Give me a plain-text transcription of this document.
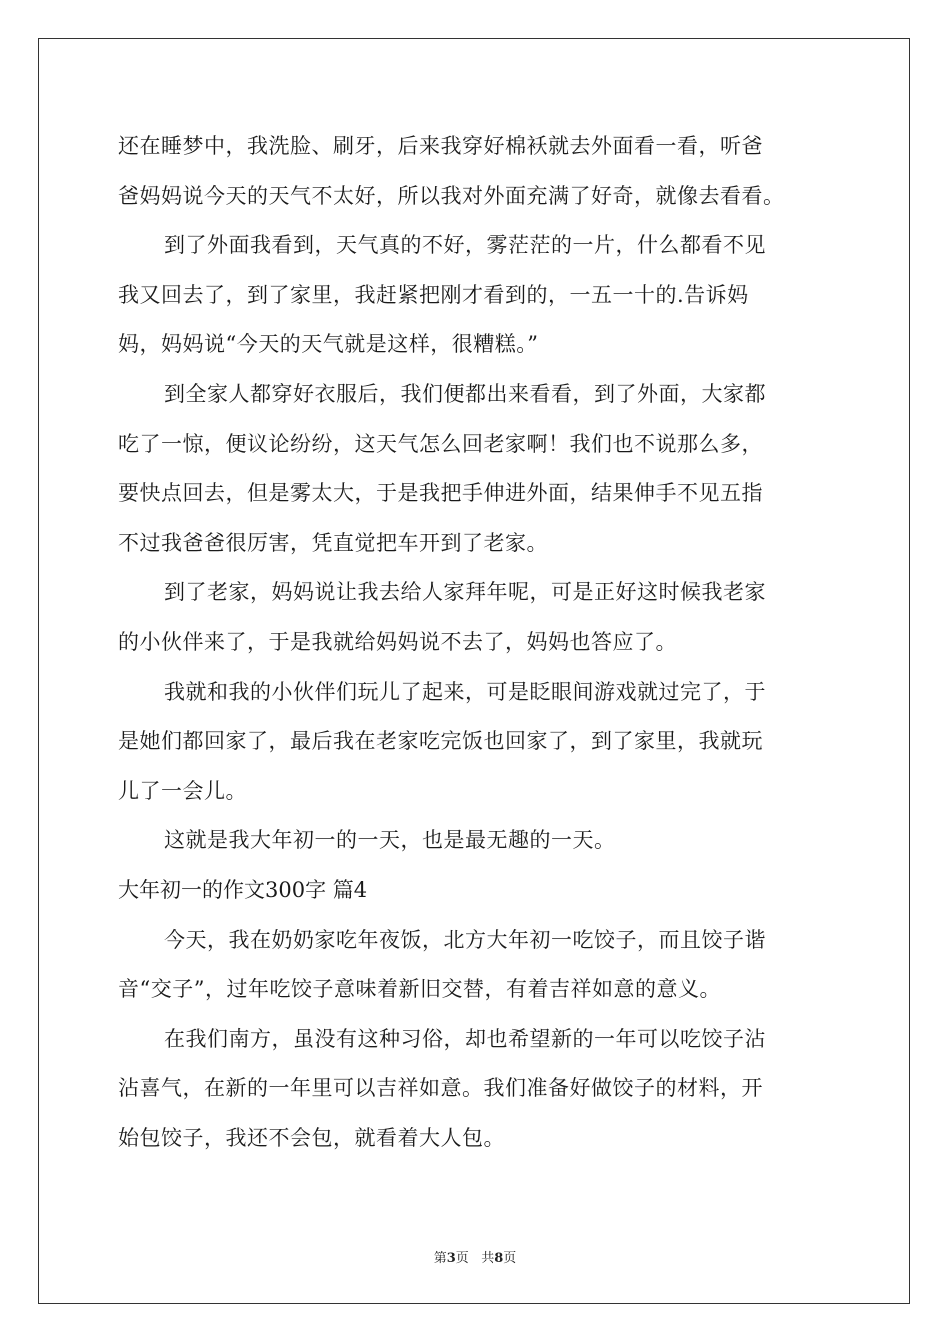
还在睡梦中，我洗脸、刷牙，后来我穿好棉袄就去外面看一看，听爸
爸妈妈说今天的天气不太好，所以我对外面充满了好奇，就像去看看。
到了外面我看到，天气真的不好，雾茫茫的一片，什么都看不见
我又回去了，到了家里，我赶紧把刚才看到的，一五一十的.告诉妈
妈，妈妈说“今天的天气就是这样，很糟糕。”
到全家人都穿好衣服后，我们便都出来看看，到了外面，大家都
吃了一惊，便议论纷纷，这天气怎么回老家啊！我们也不说那么多，
要快点回去，但是雾太大，于是我把手伸进外面，结果伸手不见五指
不过我爸爸很厉害，凭直觉把车开到了老家。
到了老家，妈妈说让我去给人家拜年呢，可是正好这时候我老家
的小伙伴来了，于是我就给妈妈说不去了，妈妈也答应了。
我就和我的小伙伴们玩儿了起来，可是眨眼间游戏就过完了，于
是她们都回家了，最后我在老家吃完饭也回家了，到了家里，我就玩
儿了一会儿。
这就是我大年初一的一天，也是最无趣的一天。
大年初一的作文300字 篇4
今天，我在奶奶家吃年夜饭，北方大年初一吃饺子，而且饺子谐
音“交子”，过年吃饺子意味着新旧交替，有着吉祥如意的意义。
在我们南方，虽没有这种习俗，却也希望新的一年可以吃饺子沾
沾喜气，在新的一年里可以吉祥如意。我们准备好做饺子的材料，开
始包饺子，我还不会包，就看着大人包。
第3页 共8页
